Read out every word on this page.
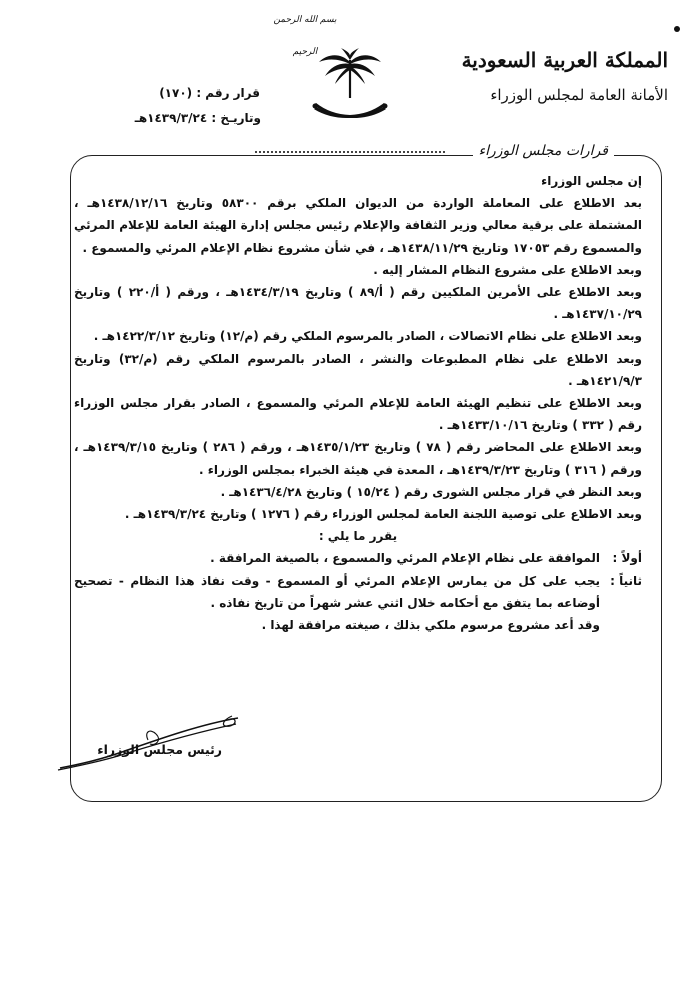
بسم الله الرحمن الرحيم	المملكة العربية السعودية
الأمانة العامة لمجلس الوزراء
قرار رقم : (١٧٠)
وتاريـخ : ١٤٣٩/٣/٢٤هـ
قرارات مجلس الوزراء

إن مجلس الوزراء

بعد الاطلاع على المعاملة الواردة من الديوان الملكي برقم ٥٨٣٠٠ وتاريخ ١٤٣٨/١٢/١٦هـ ، المشتملة على برقية معالي وزير الثقافة والإعلام رئيس مجلس إدارة الهيئة العامة للإعلام المرئي والمسموع رقم ١٧٠٥٣ وتاريخ ١٤٣٨/١١/٢٩هـ ، في شأن مشروع نظام الإعلام المرئي والمسموع .

وبعد الاطلاع على مشروع النظام المشار إليه .

وبعد الاطلاع على الأمرين الملكيين رقم ( أ/٨٩ ) وتاريخ ١٤٣٤/٣/١٩هـ ، ورقم ( أ/٢٢٠ ) وتاريخ ١٤٣٧/١٠/٢٩هـ .

وبعد الاطلاع على نظام الاتصالات ، الصادر بالمرسوم الملكي رقم (م/١٢) وتاريخ ١٤٢٢/٣/١٢هـ .

وبعد الاطلاع على نظام المطبوعات والنشر ، الصادر بالمرسوم الملكي رقم (م/٣٢) وتاريخ ١٤٢١/٩/٣هـ .

وبعد الاطلاع على تنظيم الهيئة العامة للإعلام المرئي والمسموع ، الصادر بقرار مجلس الوزراء رقم ( ٣٣٢ ) وتاريخ ١٤٣٣/١٠/١٦هـ .

وبعد الاطلاع على المحاضر رقم ( ٧٨ ) وتاريخ ١٤٣٥/١/٢٣هـ ، ورقم ( ٢٨٦ ) وتاريخ ١٤٣٩/٣/١٥هـ ، ورقم ( ٣١٦ ) وتاريخ ١٤٣٩/٣/٢٣هـ ، المعدة في هيئة الخبراء بمجلس الوزراء .

وبعد النظر في قرار مجلس الشورى رقم ( ١٥/٢٤ ) وتاريخ ١٤٣٦/٤/٢٨هـ .

وبعد الاطلاع على توصية اللجنة العامة لمجلس الوزراء رقم ( ١٢٧٦ ) وتاريخ ١٤٣٩/٣/٢٤هـ .

يقرر ما يلي :

أولاً :
الموافقة على نظام الإعلام المرئي والمسموع ، بالصيغة المرافقة .
ثانياً :
يجب على كل من يمارس الإعلام المرئي أو المسموع - وقت نفاذ هذا النظام - تصحيح أوضاعه بما يتفق مع أحكامه خلال اثني عشر شهراً من تاريخ نفاذه .
وقد أعد مشروع مرسوم ملكي بذلك ، صيغته مرافقة لهذا .
رئيس مجلس الوزراء
